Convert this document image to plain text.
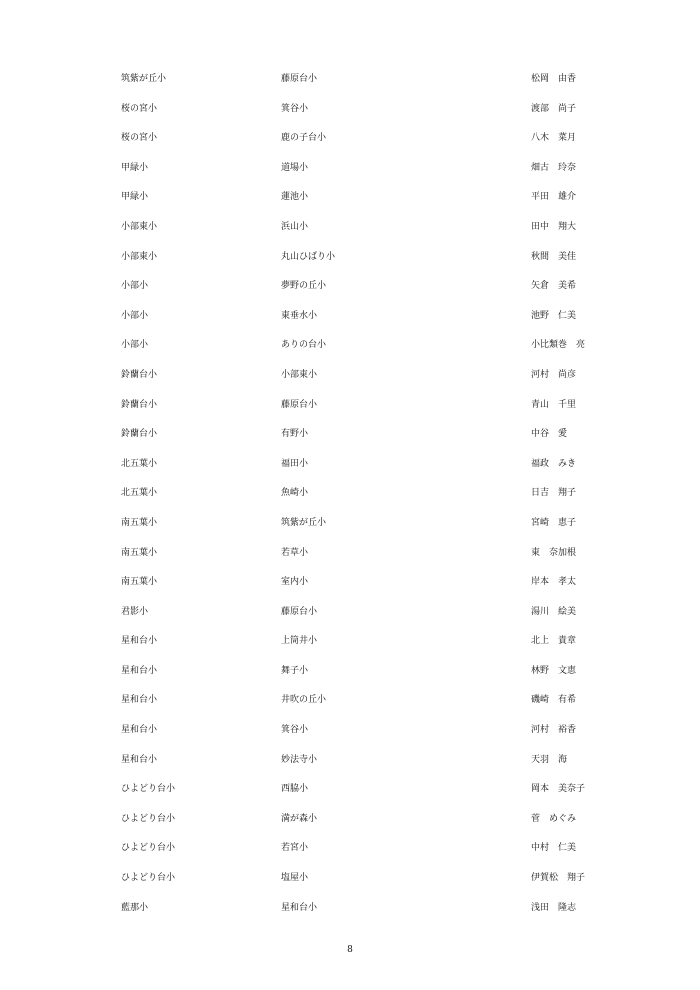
筑紫が丘小	藤原台小	松岡　由香
桜の宮小	箕谷小	渡部　尚子
桜の宮小	鹿の子台小	八木　菜月
甲緑小	道場小	畑古　玲奈
甲緑小	蓮池小	平田　雄介
小部東小	浜山小	田中　翔大
小部東小	丸山ひばり小	秋間　美佳
小部小	夢野の丘小	矢倉　美希
小部小	東垂水小	池野　仁美
小部小	ありの台小	小比類巻　亮
鈴蘭台小	小部東小	河村　尚彦
鈴蘭台小	藤原台小	青山　千里
鈴蘭台小	有野小	中谷　愛
北五葉小	福田小	福政　みき
北五葉小	魚崎小	日吉　翔子
南五葉小	筑紫が丘小	宮崎　恵子
南五葉小	若草小	東　奈加根
南五葉小	室内小	岸本　孝太
君影小	藤原台小	湯川　絵美
星和台小	上筒井小	北上　貴章
星和台小	舞子小	林野　文恵
星和台小	井吹の丘小	磯崎　有希
星和台小	箕谷小	河村　裕香
星和台小	妙法寺小	天羽　海
ひよどり台小	西脇小	岡本　美奈子
ひよどり台小	満が森小	菅　めぐみ
ひよどり台小	若宮小	中村　仁美
ひよどり台小	塩屋小	伊賀松　翔子
藍那小	星和台小	浅田　隆志
8
